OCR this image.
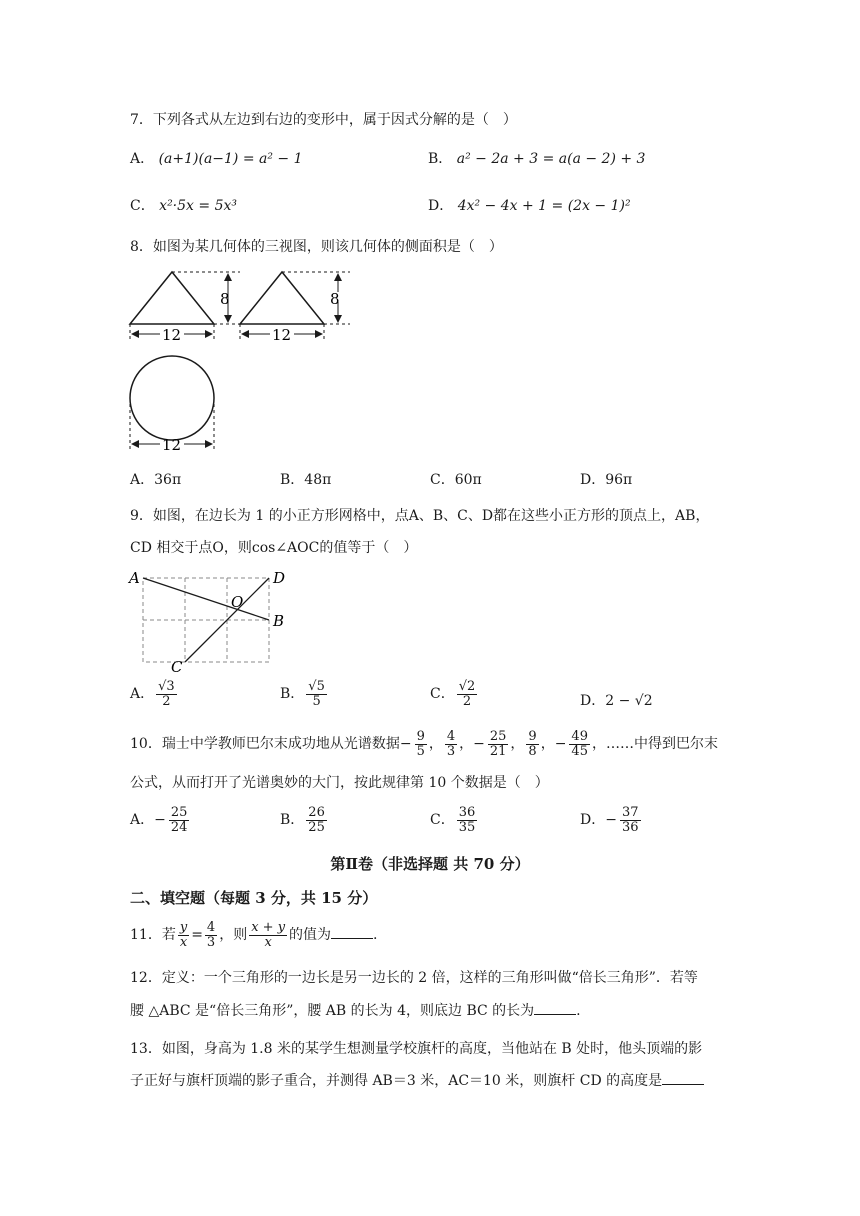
7．下列各式从左边到右边的变形中，属于因式分解的是（　）
A． (a+1)(a−1) = a² − 1	B． a² − 2a + 3 = a(a − 2) + 3
C． x²·5x = 5x³	D． 4x² − 4x + 1 = (2x − 1)²
8．如图为某几何体的三视图，则该几何体的侧面积是（　）
8
12
8
12
12
A．36π	B．48π	C．60π	D．96π
9．如图，在边长为 1 的小正方形网格中，点A、B、C、D都在这些小正方形的顶点上，AB，
CD 相交于点O，则cos∠AOC的值等于（　）
A	D
B
C
O
A． $\frac{√3}{2}$	B． $\frac{√5}{5}$	C． $\frac{√2}{2}$	D．2 − √2
10．瑞士中学教师巴尔末成功地从光谱数据− $\frac{9}{5}$ ， $\frac{4}{3}$ ，− $\frac{25}{21}$ ， $\frac{9}{8}$ ，− $\frac{49}{45}$ ，……中得到巴尔末
公式，从而打开了光谱奥妙的大门，按此规律第 10 个数据是（　）
A．− $\frac{25}{24}$	B． $\frac{26}{25}$	C． $\frac{36}{35}$	D．− $\frac{37}{36}$
第Ⅱ卷（非选择题 共 70 分）
二、填空题（每题 3 分，共 15 分）
11．若 $\frac{y}{x} = \frac{4}{3}$ ，则 $\frac{x + y}{x}$ 的值为	.
12．定义：一个三角形的一边长是另一边长的 2 倍，这样的三角形叫做“倍长三角形”．若等
腰 △ABC 是“倍长三角形”，腰 AB 的长为 4，则底边 BC 的长为	.
13．如图，身高为 1.8 米的某学生想测量学校旗杆的高度，当他站在 B 处时，他头顶端的影
子正好与旗杆顶端的影子重合，并测得 AB＝3 米，AC＝10 米，则旗杆 CD 的高度是
